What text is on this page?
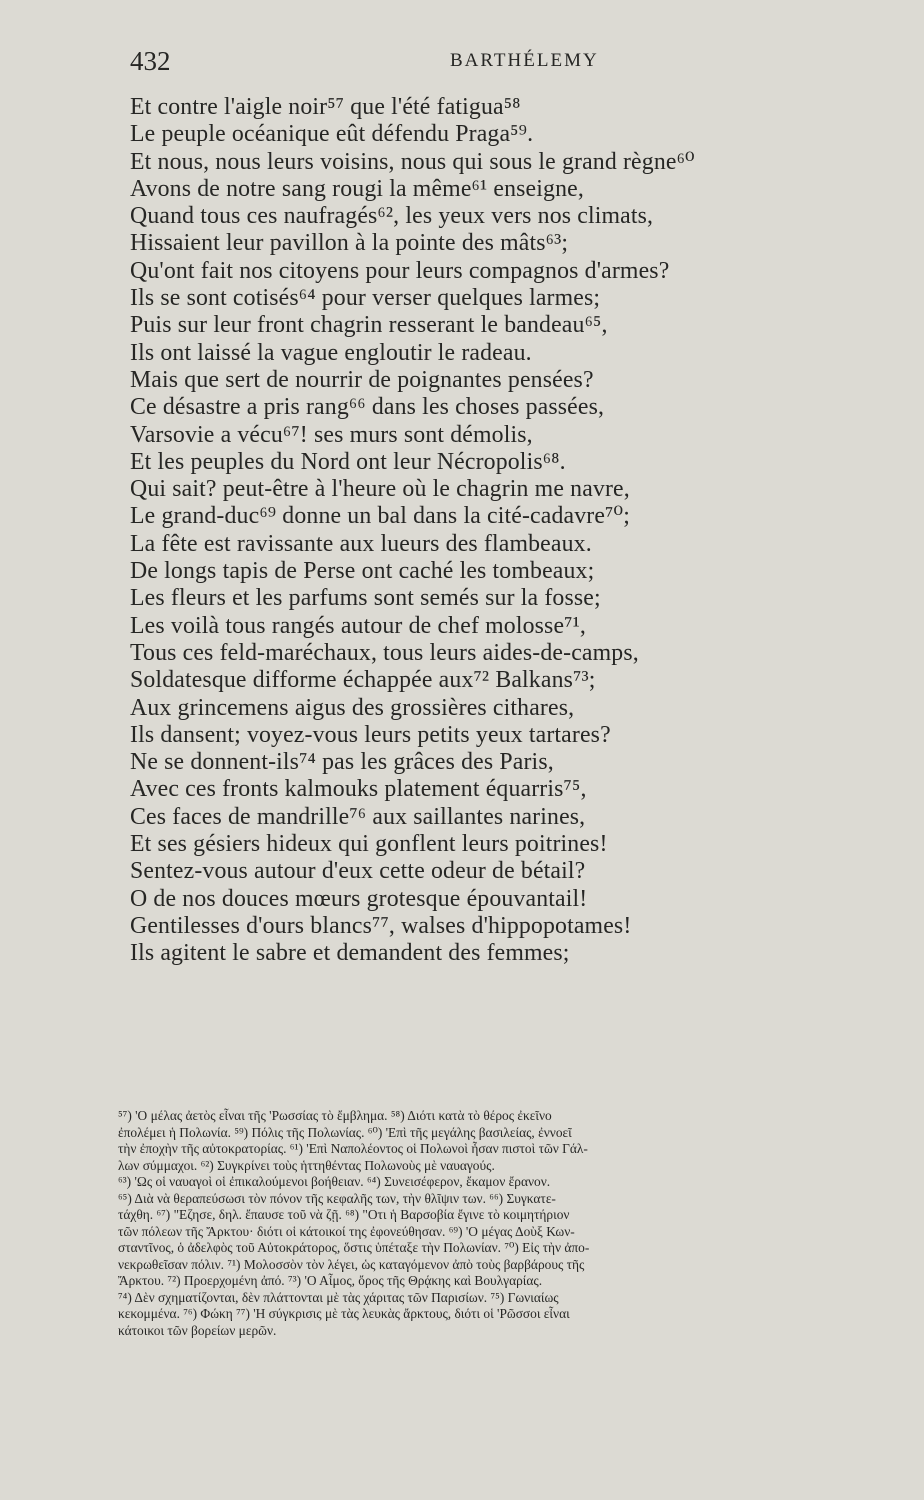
432	BARTHÉLEMY
Et contre l'aigle noir⁵⁷ que l'été fatigua⁵⁸
Le peuple océanique eût défendu Praga⁵⁹.
Et nous, nous leurs voisins, nous qui sous le grand règne⁶⁰
Avons de notre sang rougi la même⁶¹ enseigne,
Quand tous ces naufragés⁶², les yeux vers nos climats,
Hissaient leur pavillon à la pointe des mâts⁶³;
Qu'ont fait nos citoyens pour leurs compagnos d'armes?
Ils se sont cotisés⁶⁴ pour verser quelques larmes;
Puis sur leur front chagrin resserant le bandeau⁶⁵,
Ils ont laissé la vague engloutir le radeau.
Mais que sert de nourrir de poignantes pensées?
Ce désastre a pris rang⁶⁶ dans les choses passées,
Varsovie a vécu⁶⁷! ses murs sont démolis,
Et les peuples du Nord ont leur Nécropolis⁶⁸.
Qui sait? peut-être à l'heure où le chagrin me navre,
Le grand-duc⁶⁹ donne un bal dans la cité-cadavre⁷⁰;
La fête est ravissante aux lueurs des flambeaux.
De longs tapis de Perse ont caché les tombeaux;
Les fleurs et les parfums sont semés sur la fosse;
Les voilà tous rangés autour de chef molosse⁷¹,
Tous ces feld-maréchaux, tous leurs aides-de-camps,
Soldatesque difforme échappée aux⁷² Balkans⁷³;
Aux grincemens aigus des grossières cithares,
Ils dansent; voyez-vous leurs petits yeux tartares?
Ne se donnent-ils⁷⁴ pas les grâces des Paris,
Avec ces fronts kalmouks platement équarris⁷⁵,
Ces faces de mandrille⁷⁶ aux saillantes narines,
Et ses gésiers hideux qui gonflent leurs poitrines!
Sentez-vous autour d'eux cette odeur de bétail?
O de nos douces mœurs grotesque épouvantail!
Gentilesses d'ours blancs⁷⁷, walses d'hippopotames!
Ils agitent le sabre et demandent des femmes;
⁵⁷) 'Ο μέλας ἀετὸς εἶναι τῆς 'Ρωσσίας τὸ ἔμβλημα. ⁵⁸) Διότι κατὰ τὸ θέρος ἐκεῖνο
ἐπολέμει ἡ Πολωνία. ⁵⁹) Πόλις τῆς Πολωνίας. ⁶⁰) 'Επὶ τῆς μεγάλης βασιλείας, ἐννοεῖ
τὴν ἐποχὴν τῆς αὐτοκρατορίας. ⁶¹) 'Επὶ Ναπολέοντος οἱ Πολωνοὶ ἦσαν πιστοὶ τῶν Γάλ-
λων σύμμαχοι. ⁶²) Συγκρίνει τοὺς ἡττηθέντας Πολωνοὺς μὲ ναυαγούς.
⁶³) 'Ως οἱ ναυαγοὶ οἱ ἐπικαλούμενοι βοήθειαν. ⁶⁴) Συνεισέφερον, ἔκαμον ἔρανον.
⁶⁵) Διὰ νὰ θεραπεύσωσι τὸν πόνον τῆς κεφαλῆς των, τὴν θλῖψιν των. ⁶⁶) Συγκατε-
τάχθη. ⁶⁷) "Εζησε, δηλ. ἔπαυσε τοῦ νὰ ζῇ. ⁶⁸) "Οτι ἡ Βαρσοβία ἔγινε τὸ κοιμητήριον
τῶν πόλεων τῆς Ἄρκτου· διότι οἱ κάτοικοί της ἐφονεύθησαν. ⁶⁹) 'Ο μέγας Δοὺξ Κων-
σταντῖνος, ὁ ἀδελφὸς τοῦ Αὐτοκράτορος, ὅστις ὑπέταξε τὴν Πολωνίαν. ⁷⁰) Εἰς τὴν ἀπο-
νεκρωθεῖσαν πόλιν. ⁷¹) Μολοσσὸν τὸν λέγει, ὡς καταγόμενον ἀπὸ τοὺς βαρβάρους τῆς
Ἄρκτου. ⁷²) Προερχομένη ἀπό. ⁷³) 'Ο Αἶμος, ὄρος τῆς Θρᾴκης καὶ Βουλγαρίας.
⁷⁴) Δὲν σχηματίζονται, δὲν πλάττονται μὲ τὰς χάριτας τῶν Παρισίων. ⁷⁵) Γωνιαίως
κεκομμένα. ⁷⁶) Φώκη ⁷⁷) 'Η σύγκρισις μὲ τὰς λευκὰς ἄρκτους, διότι οἱ 'Ρῶσσοι εἶναι
κάτοικοι τῶν βορείων μερῶν.
